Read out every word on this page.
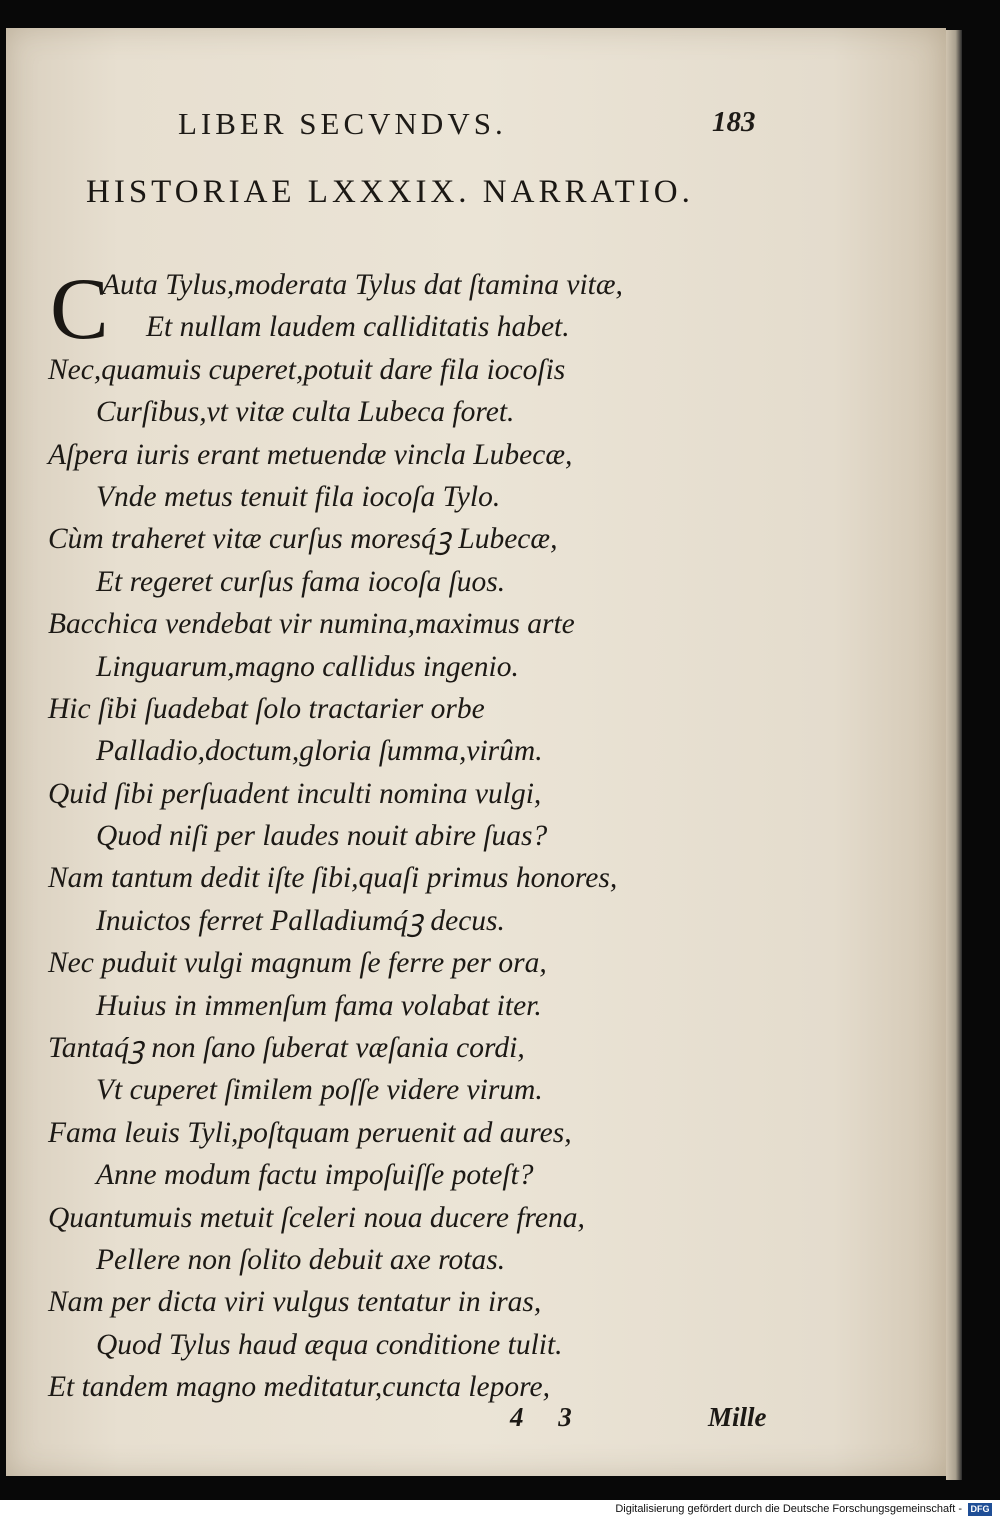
LIBER SECVNDVS.	183
HISTORIAE LXXXIX. NARRATIO.
C
Auta Tylus,moderata Tylus dat ſtamina vitæ,
Et nullam laudem calliditatis habet.
Nec,quamuis cuperet,potuit dare fila iocoſis
Curſibus,vt vitæ culta Lubeca foret.
Aſpera iuris erant metuendæ vincla Lubecæ,
Vnde metus tenuit fila iocoſa Tylo.
Cùm traheret vitæ curſus moresq́ꝫ Lubecæ,
Et regeret curſus fama iocoſa ſuos.
Bacchica vendebat vir numina,maximus arte
Linguarum,magno callidus ingenio.
Hic ſibi ſuadebat ſolo tractarier orbe
Palladio,doctum,gloria ſumma,virûm.
Quid ſibi perſuadent inculti nomina vulgi,
Quod niſi per laudes nouit abire ſuas?
Nam tantum dedit iſte ſibi,quaſi primus honores,
Inuictos ferret Palladiumq́ꝫ decus.
Nec puduit vulgi magnum ſe ferre per ora,
Huius in immenſum fama volabat iter.
Tantaq́ꝫ non ſano ſuberat væſania cordi,
Vt cuperet ſimilem poſſe videre virum.
Fama leuis Tyli,poſtquam peruenit ad aures,
Anne modum factu impoſuiſſe poteſt?
Quantumuis metuit ſceleri noua ducere frena,
Pellere non ſolito debuit axe rotas.
Nam per dicta viri vulgus tentatur in iras,
Quod Tylus haud æqua conditione tulit.
Et tandem magno meditatur,cuncta lepore,
4 3	Mille
Digitalisierung gefördert durch die Deutsche Forschungsgemeinschaft - DFG
